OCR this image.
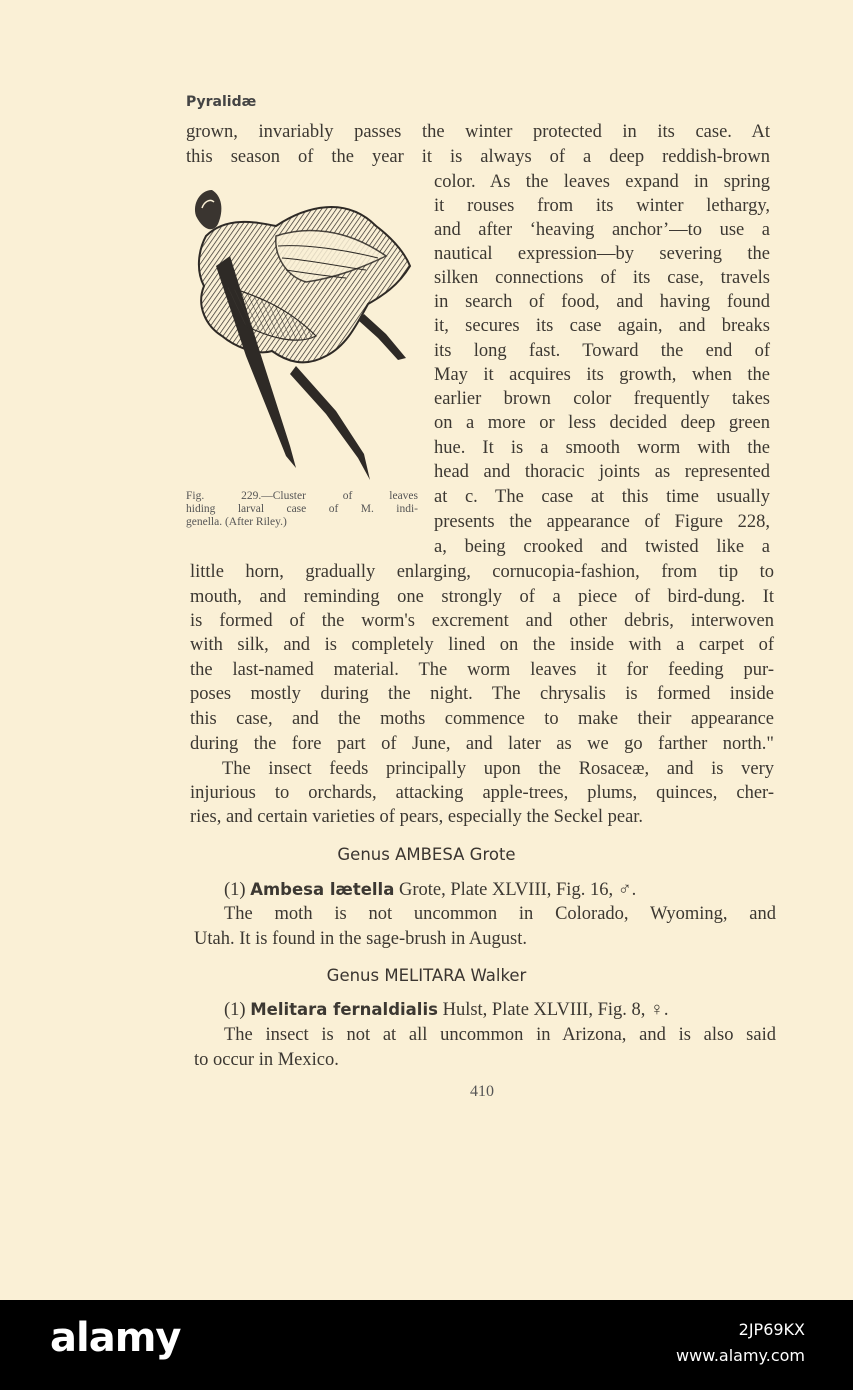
Pyralidæ
grown, invariably passes the winter protected in its case. At
this season of the year it is always of a deep reddish-brown
color. As the leaves expand in spring
it rouses from its winter lethargy,
and after ‘heaving anchor’—to use a
nautical expression—by severing the
silken connections of its case, travels
in search of food, and having found
it, secures its case again, and breaks
its long fast. Toward the end of
May it acquires its growth, when the
earlier brown color frequently takes
on a more or less decided deep green
hue. It is a smooth worm with the
head and thoracic joints as represented
at c. The case at this time usually
presents the appearance of Figure 228,
a, being crooked and twisted like a
little horn, gradually enlarging, cornucopia-fashion, from tip to
mouth, and reminding one strongly of a piece of bird-dung. It
is formed of the worm's excrement and other debris, interwoven
with silk, and is completely lined on the inside with a carpet of
the last-named material. The worm leaves it for feeding pur-
poses mostly during the night. The chrysalis is formed inside
this case, and the moths commence to make their appearance
during the fore part of June, and later as we go farther north."
The insect feeds principally upon the Rosaceæ, and is very
injurious to orchards, attacking apple-trees, plums, quinces, cher-
ries, and certain varieties of pears, especially the Seckel pear.
Fig. 229.—Cluster of leaves
hiding larval case of M. indi-
genella. (After Riley.)
Genus AMBESA Grote
(1) Ambesa lætella Grote, Plate XLVIII, Fig. 16, ♂.
The moth is not uncommon in Colorado, Wyoming, and
Utah. It is found in the sage-brush in August.
Genus MELITARA Walker
(1) Melitara fernaldialis Hulst, Plate XLVIII, Fig. 8, ♀.
The insect is not at all uncommon in Arizona, and is also said
to occur in Mexico.
410
alamy	2JP69KX
www.alamy.com
